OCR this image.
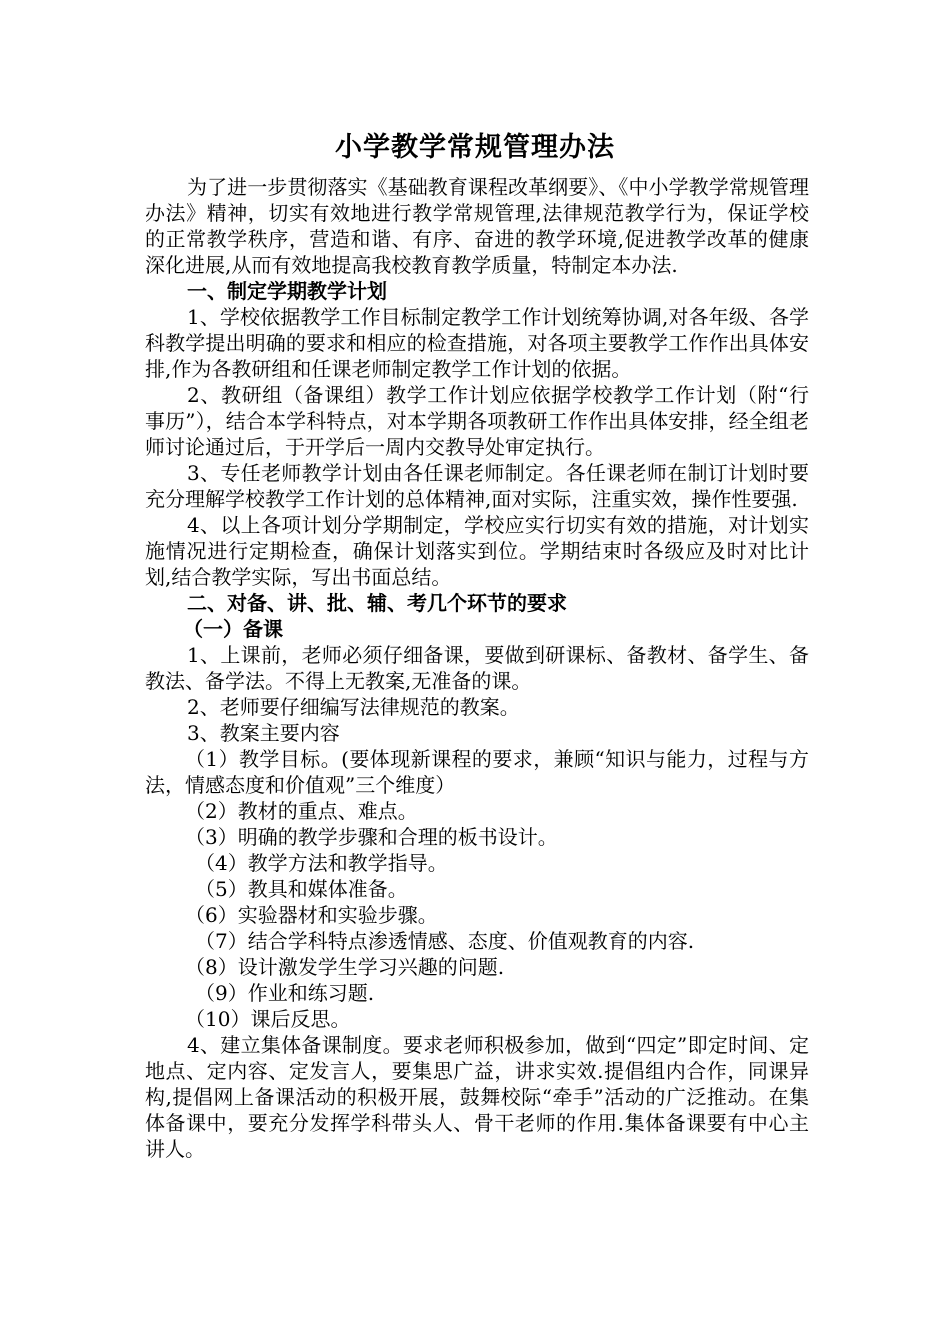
小学教学常规管理办法

为了进一步贯彻落实《基础教育课程改革纲要》、《中小学教学常规管理办法》精神，切实有效地进行教学常规管理,法律规范教学行为，保证学校的正常教学秩序，营造和谐、有序、奋进的教学环境,促进教学改革的健康深化进展,从而有效地提高我校教育教学质量，特制定本办法.

一、制定学期教学计划

1、学校依据教学工作目标制定教学工作计划统筹协调,对各年级、各学科教学提出明确的要求和相应的检查措施，对各项主要教学工作作出具体安排,作为各教研组和任课老师制定教学工作计划的依据。

2、教研组（备课组）教学工作计划应依据学校教学工作计划（附“行事历”），结合本学科特点，对本学期各项教研工作作出具体安排，经全组老师讨论通过后，于开学后一周内交教导处审定执行。

3、专任老师教学计划由各任课老师制定。各任课老师在制订计划时要充分理解学校教学工作计划的总体精神,面对实际，注重实效，操作性要强.

4、以上各项计划分学期制定，学校应实行切实有效的措施，对计划实施情况进行定期检查，确保计划落实到位。学期结束时各级应及时对比计划,结合教学实际，写出书面总结。

二、对备、讲、批、辅、考几个环节的要求

（一）备课

1、上课前，老师必须仔细备课，要做到研课标、备教材、备学生、备教法、备学法。不得上无教案,无准备的课。

2、老师要仔细编写法律规范的教案。

3、教案主要内容

（1）教学目标。(要体现新课程的要求，兼顾“知识与能力，过程与方法，情感态度和价值观”三个维度）

（2）教材的重点、难点。

（3）明确的教学步骤和合理的板书设计。

（4）教学方法和教学指导。

（5）教具和媒体准备。

（6）实验器材和实验步骤。

（7）结合学科特点渗透情感、态度、价值观教育的内容.

（8）设计激发学生学习兴趣的问题.

（9）作业和练习题.

（10）课后反思。

4、建立集体备课制度。要求老师积极参加，做到“四定”即定时间、定地点、定内容、定发言人，要集思广益，讲求实效.提倡组内合作，同课异构,提倡网上备课活动的积极开展，鼓舞校际“牵手”活动的广泛推动。在集体备课中，要充分发挥学科带头人、骨干老师的作用.集体备课要有中心主讲人。
